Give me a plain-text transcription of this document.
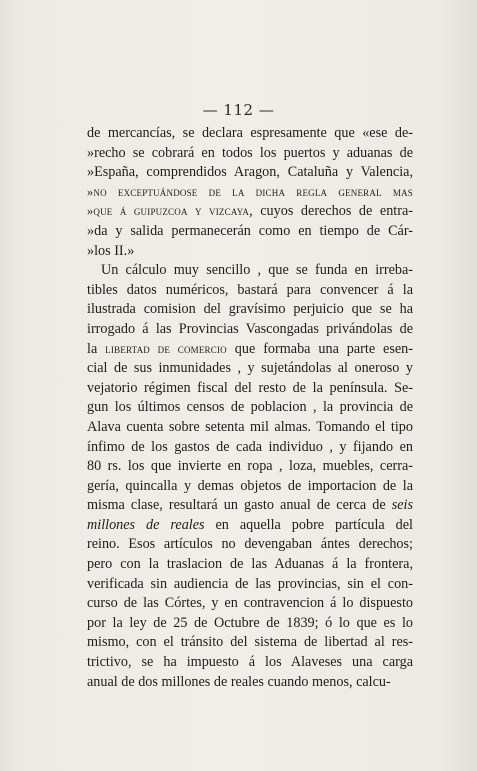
— 112 —
de mercancías, se declara espresamente que «ese de-
»recho se cobrará en todos los puertos y aduanas de
»España, comprendidos Aragon, Cataluña y Valencia,
»no exceptuándose de la dicha regla general mas
»que á guipuzcoa y vizcaya, cuyos derechos de entra-
»da y salida permanecerán como en tiempo de Cár-
»los II.»
Un cálculo muy sencillo , que se funda en irreba-
tibles datos numéricos, bastará para convencer á la
ilustrada comision del gravísimo perjuicio que se ha
irrogado á las Provincias Vascongadas privándolas de
la libertad de comercio que formaba una parte esen-
cial de sus inmunidades , y sujetándolas al oneroso y
vejatorio régimen fiscal del resto de la península. Se-
gun los últimos censos de poblacion , la provincia de
Alava cuenta sobre setenta mil almas. Tomando el tipo
ínfimo de los gastos de cada individuo , y fijando en
80 rs. los que invierte en ropa , loza, muebles, cerra-
gería, quincalla y demas objetos de importacion de la
misma clase, resultará un gasto anual de cerca de seis
millones de reales en aquella pobre partícula del
reino. Esos artículos no devengaban ántes derechos;
pero con la traslacion de las Aduanas á la frontera,
verificada sin audiencia de las provincias, sin el con-
curso de las Córtes, y en contravencion á lo dispuesto
por la ley de 25 de Octubre de 1839; ó lo que es lo
mismo, con el tránsito del sistema de libertad al res-
trictivo, se ha impuesto á los Alaveses una carga
anual de dos millones de reales cuando menos, calcu-
